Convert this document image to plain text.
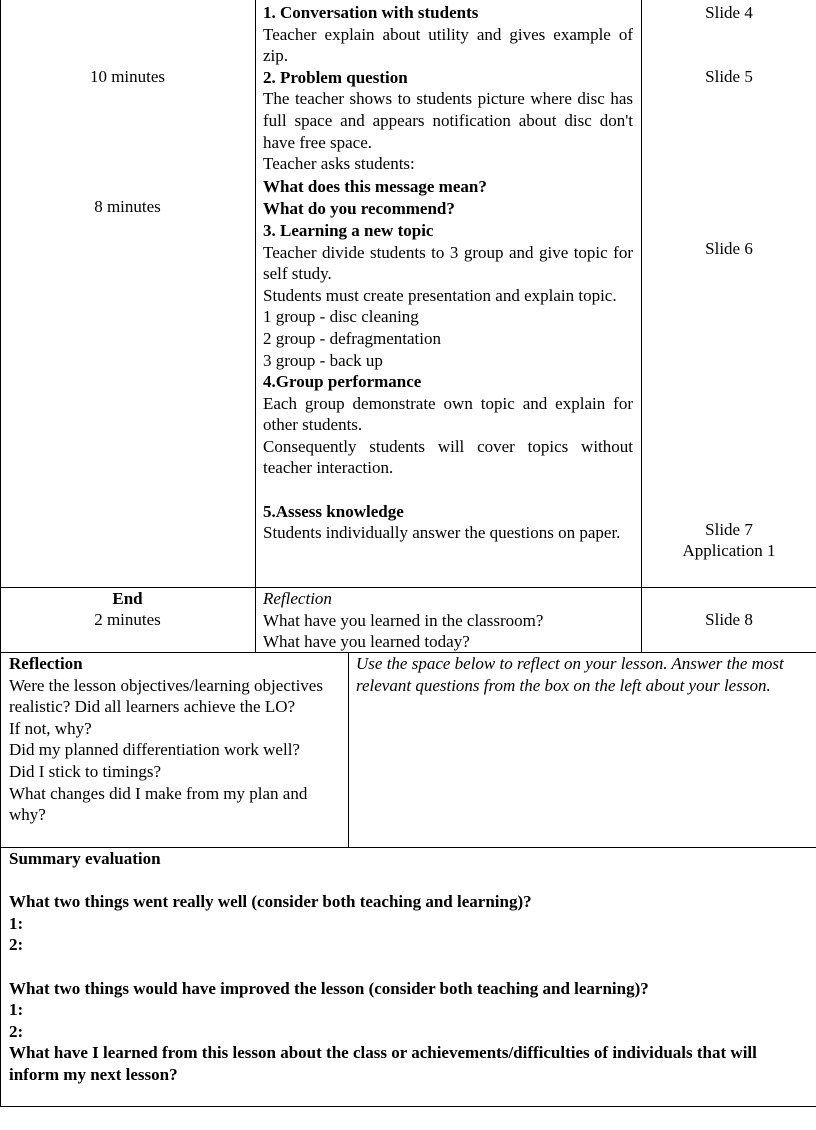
10 minutes
8 minutes
1. Conversation with students
Teacher explain about utility and gives example of zip.
2. Problem question
The teacher shows to students picture where disc has full space and appears notification about disc don't have free space.
Teacher asks students:
What does this message mean?
What do you recommend?
3. Learning a new topic
Teacher divide students to 3 group and give topic for self study.
Students must create presentation and explain topic.
1 group - disc cleaning
2 group - defragmentation
3 group - back up
4.Group performance
Each group demonstrate own topic and explain for other students.
Consequently students will cover topics without teacher interaction.
5.Assess knowledge
Students individually answer the questions on paper.
Slide 4
Slide 5
Slide 6
Slide 7
Application 1
End
2 minutes
Reflection
What have you learned in the classroom?
What have you learned today?
Slide 8
Reflection
Were the lesson objectives/learning objectives realistic? Did all learners achieve the LO?
If not, why?
Did my planned differentiation work well?
Did I stick to timings?
What changes did I make from my plan and why?
Use the space below to reflect on your lesson. Answer the most relevant questions from the box on the left about your lesson.
Summary evaluation
What two things went really well (consider both teaching and learning)?
1:
2:
What two things would have improved the lesson (consider both teaching and learning)?
1:
2:
What have I learned from this lesson about the class or achievements/difficulties of individuals that will inform my next lesson?
